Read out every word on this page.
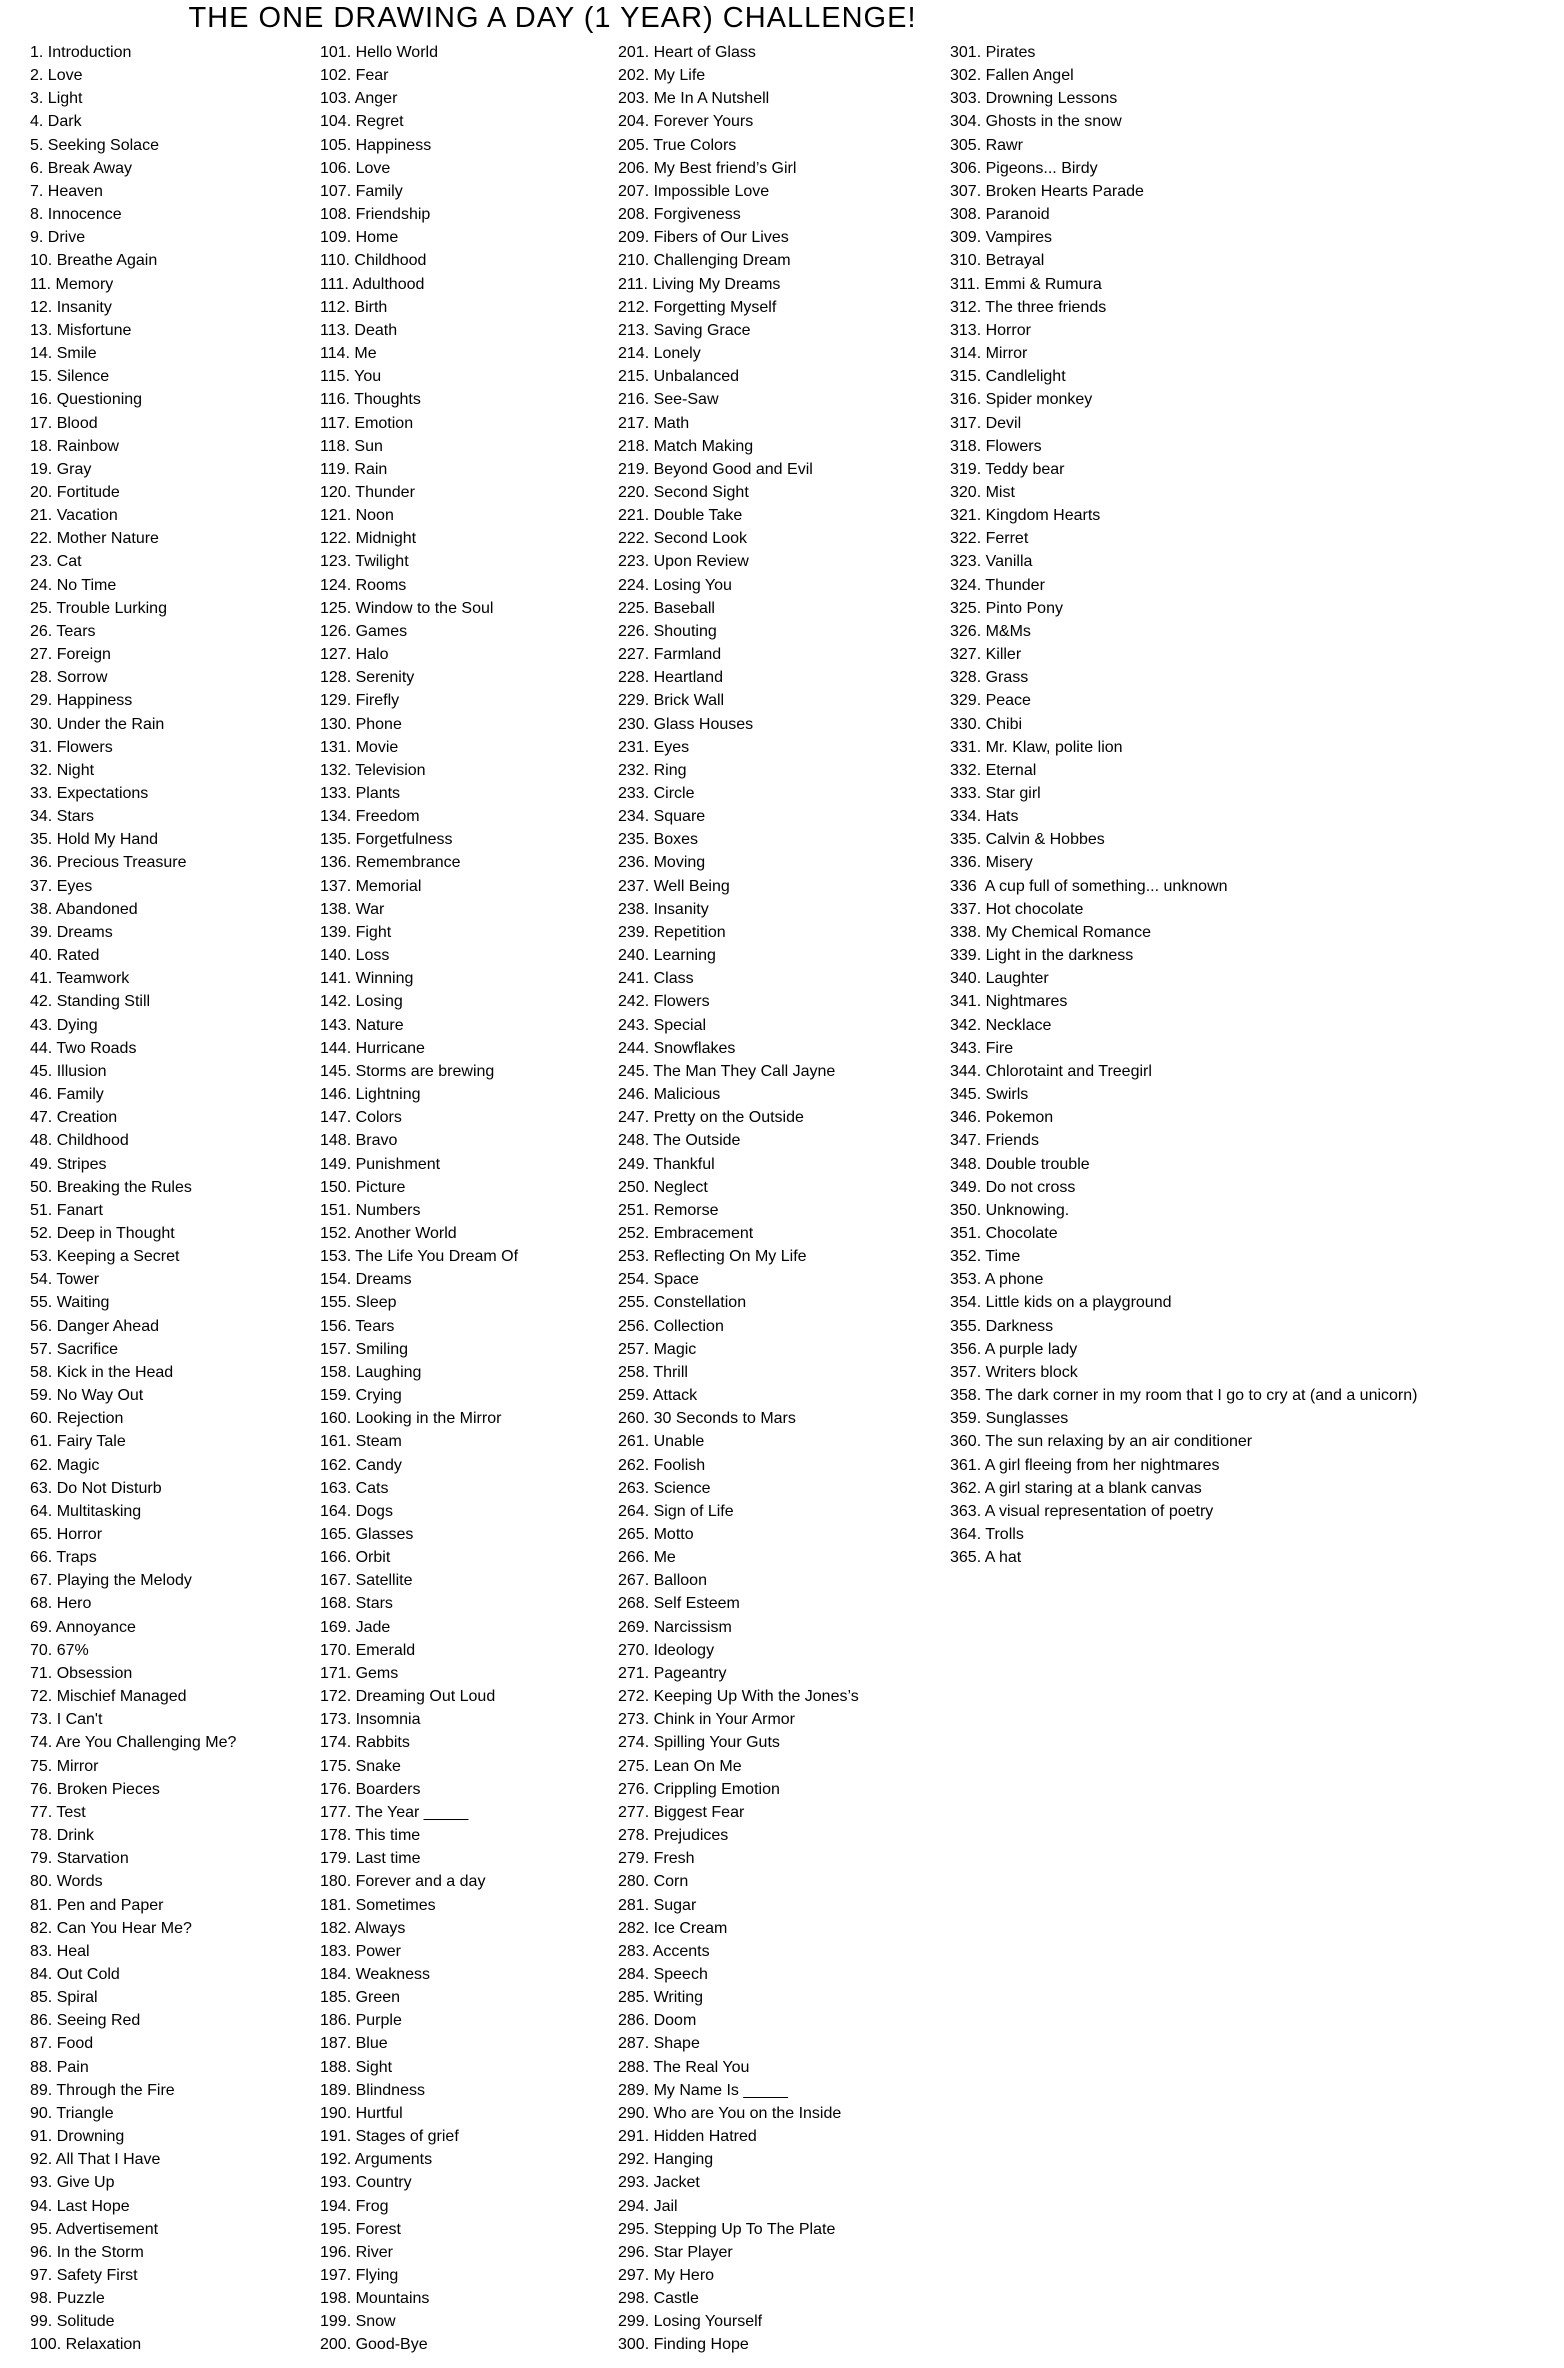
THE ONE DRAWING A DAY (1 YEAR) CHALLENGE!
1. Introduction
2. Love
3. Light
4. Dark
5. Seeking Solace
6. Break Away
7. Heaven
8. Innocence
9. Drive
10. Breathe Again
11. Memory
12. Insanity
13. Misfortune
14. Smile
15. Silence
16. Questioning
17. Blood
18. Rainbow
19. Gray
20. Fortitude
21. Vacation
22. Mother Nature
23. Cat
24. No Time
25. Trouble Lurking
26. Tears
27. Foreign
28. Sorrow
29. Happiness
30. Under the Rain
31. Flowers
32. Night
33. Expectations
34. Stars
35. Hold My Hand
36. Precious Treasure
37. Eyes
38. Abandoned
39. Dreams
40. Rated
41. Teamwork
42. Standing Still
43. Dying
44. Two Roads
45. Illusion
46. Family
47. Creation
48. Childhood
49. Stripes
50. Breaking the Rules
51. Fanart
52. Deep in Thought
53. Keeping a Secret
54. Tower
55. Waiting
56. Danger Ahead
57. Sacrifice
58. Kick in the Head
59. No Way Out
60. Rejection
61. Fairy Tale
62. Magic
63. Do Not Disturb
64. Multitasking
65. Horror
66. Traps
67. Playing the Melody
68. Hero
69. Annoyance
70. 67%
71. Obsession
72. Mischief Managed
73. I Can't
74. Are You Challenging Me?
75. Mirror
76. Broken Pieces
77. Test
78. Drink
79. Starvation
80. Words
81. Pen and Paper
82. Can You Hear Me?
83. Heal
84. Out Cold
85. Spiral
86. Seeing Red
87. Food
88. Pain
89. Through the Fire
90. Triangle
91. Drowning
92. All That I Have
93. Give Up
94. Last Hope
95. Advertisement
96. In the Storm
97. Safety First
98. Puzzle
99. Solitude
100. Relaxation
101. Hello World
102. Fear
103. Anger
104. Regret
105. Happiness
106. Love
107. Family
108. Friendship
109. Home
110. Childhood
111. Adulthood
112. Birth
113. Death
114. Me
115. You
116. Thoughts
117. Emotion
118. Sun
119. Rain
120. Thunder
121. Noon
122. Midnight
123. Twilight
124. Rooms
125. Window to the Soul
126. Games
127. Halo
128. Serenity
129. Firefly
130. Phone
131. Movie
132. Television
133. Plants
134. Freedom
135. Forgetfulness
136. Remembrance
137. Memorial
138. War
139. Fight
140. Loss
141. Winning
142. Losing
143. Nature
144. Hurricane
145. Storms are brewing
146. Lightning
147. Colors
148. Bravo
149. Punishment
150. Picture
151. Numbers
152. Another World
153. The Life You Dream Of
154. Dreams
155. Sleep
156. Tears
157. Smiling
158. Laughing
159. Crying
160. Looking in the Mirror
161. Steam
162. Candy
163. Cats
164. Dogs
165. Glasses
166. Orbit
167. Satellite
168. Stars
169. Jade
170. Emerald
171. Gems
172. Dreaming Out Loud
173. Insomnia
174. Rabbits
175. Snake
176. Boarders
177. The Year _____
178. This time
179. Last time
180. Forever and a day
181. Sometimes
182. Always
183. Power
184. Weakness
185. Green
186. Purple
187. Blue
188. Sight
189. Blindness
190. Hurtful
191. Stages of grief
192. Arguments
193. Country
194. Frog
195. Forest
196. River
197. Flying
198. Mountains
199. Snow
200. Good-Bye
201. Heart of Glass
202. My Life
203. Me In A Nutshell
204. Forever Yours
205. True Colors
206. My Best friend’s Girl
207. Impossible Love
208. Forgiveness
209. Fibers of Our Lives
210. Challenging Dream
211. Living My Dreams
212. Forgetting Myself
213. Saving Grace
214. Lonely
215. Unbalanced
216. See-Saw
217. Math
218. Match Making
219. Beyond Good and Evil
220. Second Sight
221. Double Take
222. Second Look
223. Upon Review
224. Losing You
225. Baseball
226. Shouting
227. Farmland
228. Heartland
229. Brick Wall
230. Glass Houses
231. Eyes
232. Ring
233. Circle
234. Square
235. Boxes
236. Moving
237. Well Being
238. Insanity
239. Repetition
240. Learning
241. Class
242. Flowers
243. Special
244. Snowflakes
245. The Man They Call Jayne
246. Malicious
247. Pretty on the Outside
248. The Outside
249. Thankful
250. Neglect
251. Remorse
252. Embracement
253. Reflecting On My Life
254. Space
255. Constellation
256. Collection
257. Magic
258. Thrill
259. Attack
260. 30 Seconds to Mars
261. Unable
262. Foolish
263. Science
264. Sign of Life
265. Motto
266. Me
267. Balloon
268. Self Esteem
269. Narcissism
270. Ideology
271. Pageantry
272. Keeping Up With the Jones’s
273. Chink in Your Armor
274. Spilling Your Guts
275. Lean On Me
276. Crippling Emotion
277. Biggest Fear
278. Prejudices
279. Fresh
280. Corn
281. Sugar
282. Ice Cream
283. Accents
284. Speech
285. Writing
286. Doom
287. Shape
288. The Real You
289. My Name Is _____
290. Who are You on the Inside
291. Hidden Hatred
292. Hanging
293. Jacket
294. Jail
295. Stepping Up To The Plate
296. Star Player
297. My Hero
298. Castle
299. Losing Yourself
300. Finding Hope
301. Pirates
302. Fallen Angel
303. Drowning Lessons
304. Ghosts in the snow
305. Rawr
306. Pigeons... Birdy
307. Broken Hearts Parade
308. Paranoid
309. Vampires
310. Betrayal
311. Emmi & Rumura
312. The three friends
313. Horror
314. Mirror
315. Candlelight
316. Spider monkey
317. Devil
318. Flowers
319. Teddy bear
320. Mist
321. Kingdom Hearts
322. Ferret
323. Vanilla
324. Thunder
325. Pinto Pony
326. M&Ms
327. Killer
328. Grass
329. Peace
330. Chibi
331. Mr. Klaw, polite lion
332. Eternal
333. Star girl
334. Hats
335. Calvin & Hobbes
336. Misery
336  A cup full of something... unknown
337. Hot chocolate
338. My Chemical Romance
339. Light in the darkness
340. Laughter
341. Nightmares
342. Necklace
343. Fire
344. Chlorotaint and Treegirl
345. Swirls
346. Pokemon
347. Friends
348. Double trouble
349. Do not cross
350. Unknowing.
351. Chocolate
352. Time
353. A phone
354. Little kids on a playground
355. Darkness
356. A purple lady
357. Writers block
358. The dark corner in my room that I go to cry at (and a unicorn)
359. Sunglasses
360. The sun relaxing by an air conditioner
361. A girl fleeing from her nightmares
362. A girl staring at a blank canvas
363. A visual representation of poetry
364. Trolls
365. A hat
